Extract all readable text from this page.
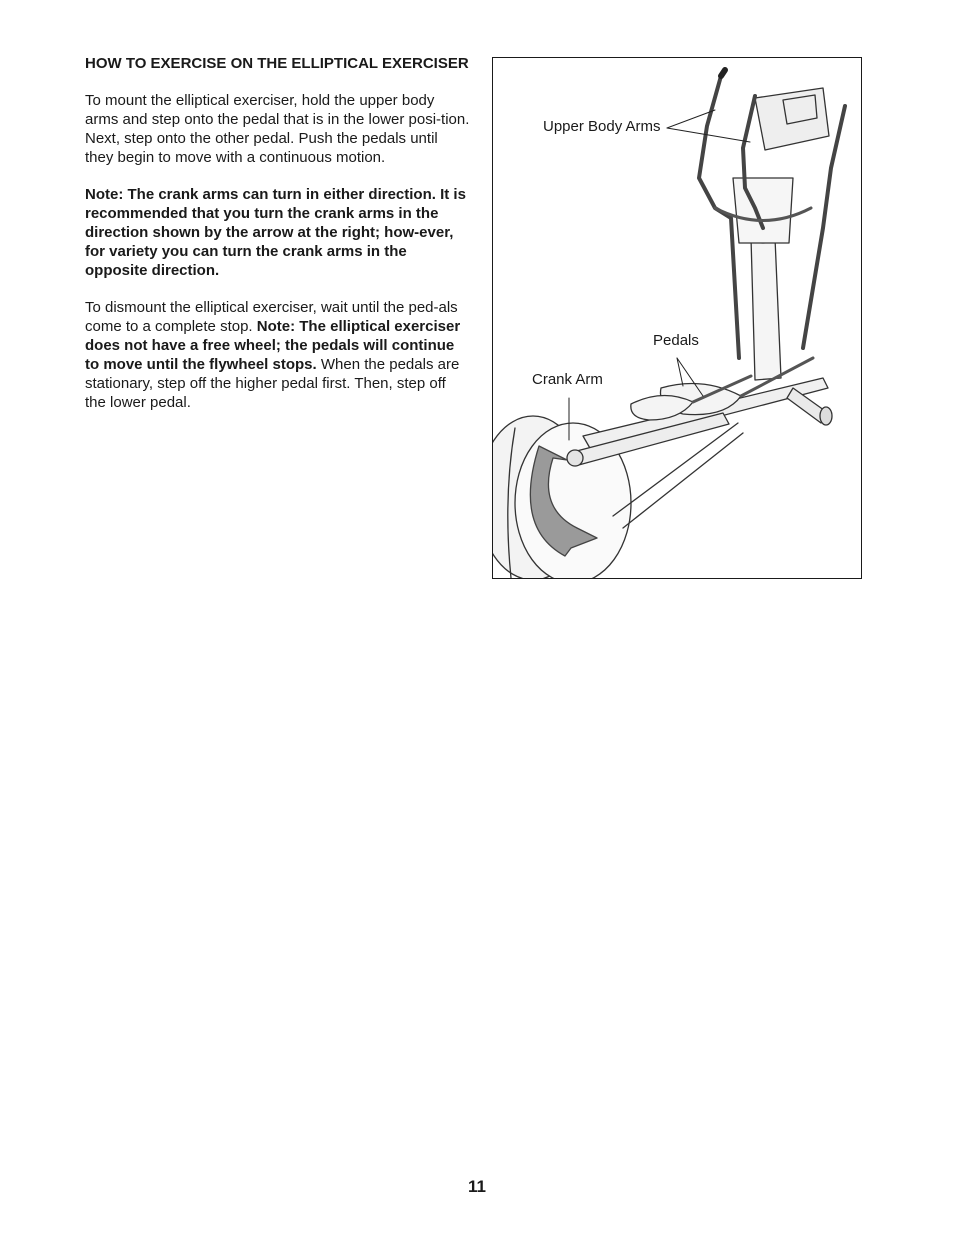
HOW TO EXERCISE ON THE ELLIPTICAL EXERCISER

To mount the elliptical exerciser, hold the upper body arms and step onto the pedal that is in the lower posi-tion. Next, step onto the other pedal. Push the pedals until they begin to move with a continuous motion.

Note: The crank arms can turn in either direction. It is recommended that you turn the crank arms in the direction shown by the arrow at the right; how-ever, for variety you can turn the crank arms in the opposite direction.

To dismount the elliptical exerciser, wait until the ped-als come to a complete stop. Note: The elliptical exerciser does not have a free wheel; the pedals will continue to move until the flywheel stops. When the pedals are stationary, step off the higher pedal first. Then, step off the lower pedal.

Upper Body Arms
Pedals
Crank Arm
11
